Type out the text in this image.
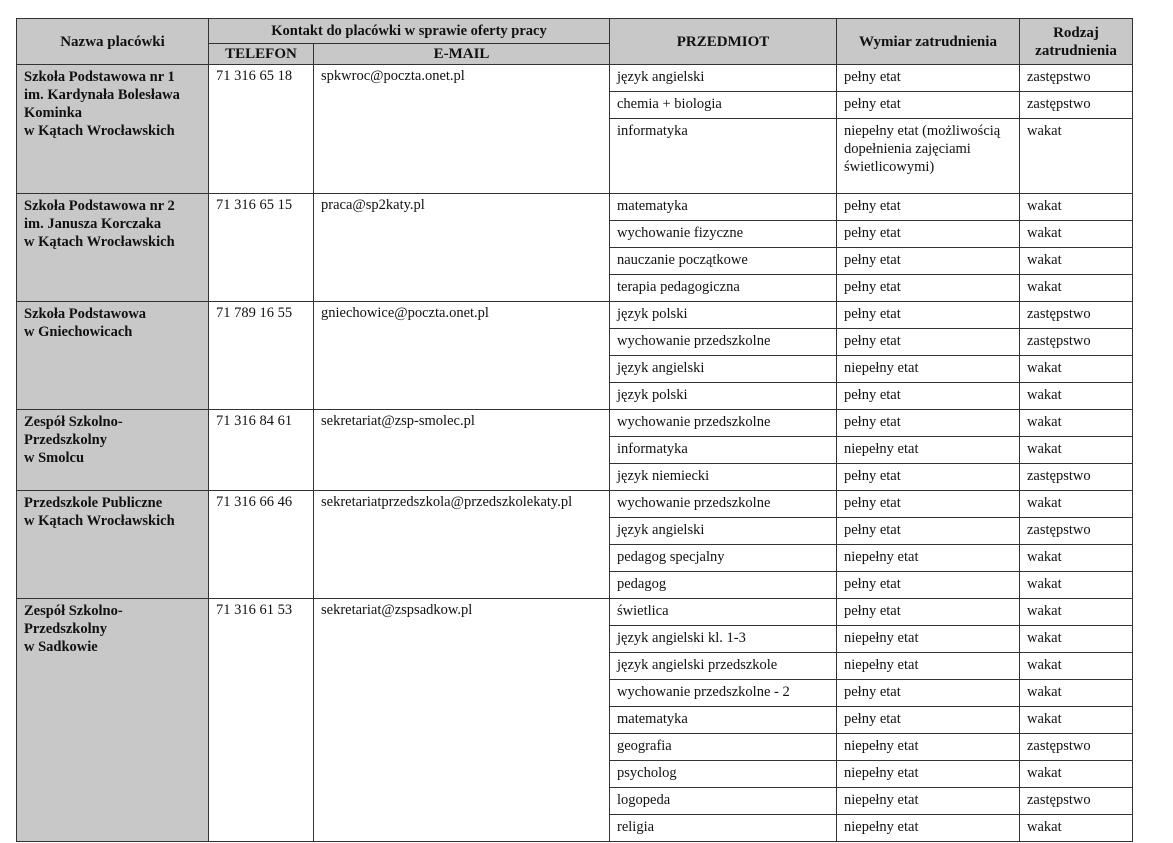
Nazwa placówki	Kontakt do placówki w sprawie oferty pracy		PRZEDMIOT	Wymiar zatrudnienia	Rodzaj zatrudnienia
	TELEFON	E-MAIL			

Szkoła Podstawowa nr 1
im. Kardynała Bolesława
Kominka
w Kątach Wrocławskich	71 316 65 18	spkwroc@poczta.onet.pl	język angielski	pełny etat	zastępstwo
			chemia + biologia	pełny etat	zastępstwo
			informatyka	niepełny etat (możliwością dopełnienia zajęciami świetlicowymi)	wakat

Szkoła Podstawowa nr 2
im. Janusza Korczaka
w Kątach Wrocławskich	71 316 65 15	praca@sp2katy.pl	matematyka	pełny etat	wakat
			wychowanie fizyczne	pełny etat	wakat
			nauczanie początkowe	pełny etat	wakat
			terapia pedagogiczna	pełny etat	wakat

Szkoła Podstawowa
w Gniechowicach	71 789 16 55	gniechowice@poczta.onet.pl	język polski	pełny etat	zastępstwo
			wychowanie przedszkolne	pełny etat	zastępstwo
			język angielski	niepełny etat	wakat
			język polski	pełny etat	wakat

Zespół Szkolno-
Przedszkolny
w Smolcu	71 316 84 61	sekretariat@zsp-smolec.pl	wychowanie przedszkolne	pełny etat	wakat
			informatyka	niepełny etat	wakat
			język niemiecki	pełny etat	zastępstwo

Przedszkole Publiczne
w Kątach Wrocławskich	71 316 66 46	sekretariatprzedszkola@przedszkolekaty.pl	wychowanie przedszkolne	pełny etat	wakat
			język angielski	pełny etat	zastępstwo
			pedagog specjalny	niepełny etat	wakat
			pedagog	pełny etat	wakat

Zespół Szkolno-
Przedszkolny
w Sadkowie	71 316 61 53	sekretariat@zspsadkow.pl	świetlica	pełny etat	wakat
			język angielski kl. 1-3	niepełny etat	wakat
			język angielski przedszkole	niepełny etat	wakat
			wychowanie przedszkolne - 2	pełny etat	wakat
			matematyka	pełny etat	wakat
			geografia	niepełny etat	zastępstwo
			psycholog	niepełny etat	wakat
			logopeda	niepełny etat	zastępstwo
			religia	niepełny etat	wakat
